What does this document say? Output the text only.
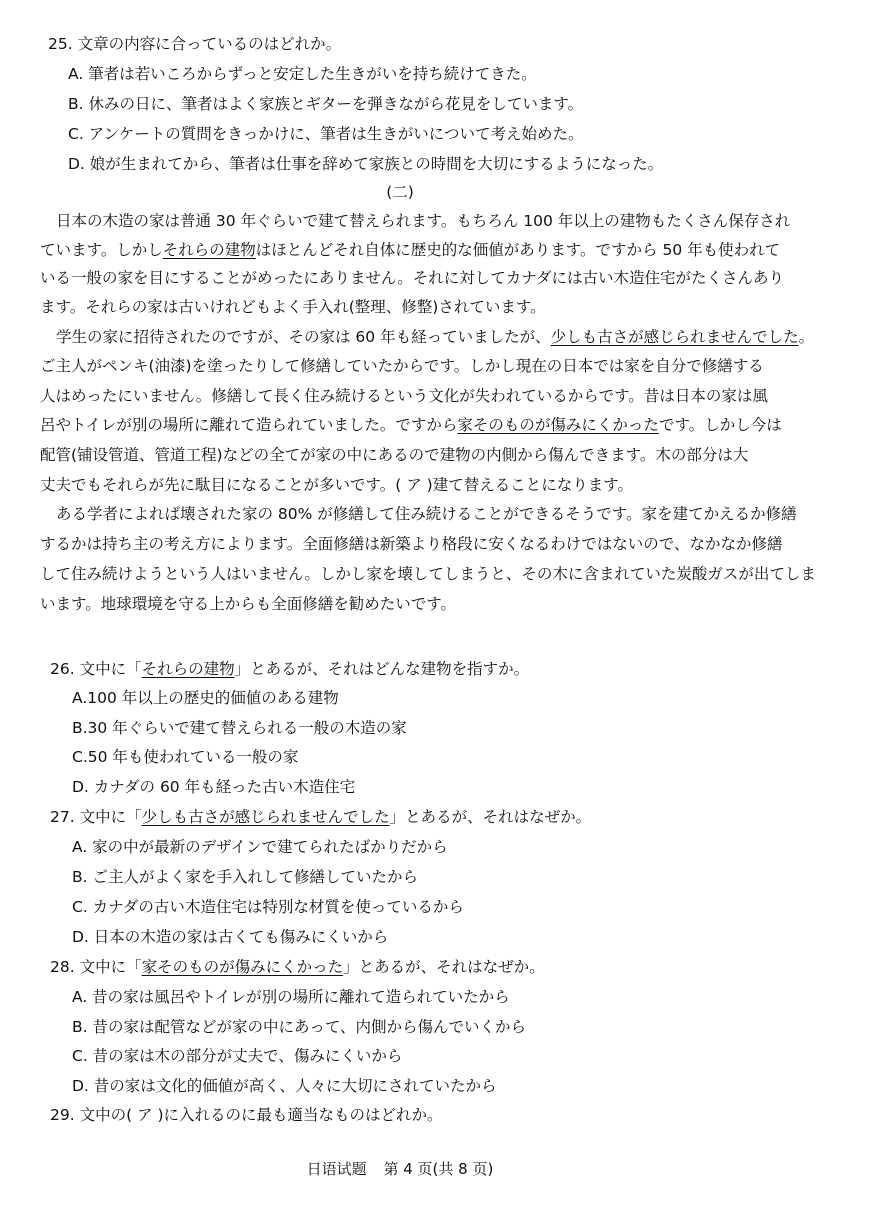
25. 文章の内容に合っているのはどれか。
A. 筆者は若いころからずっと安定した生きがいを持ち続けてきた。
B. 休みの日に、筆者はよく家族とギターを弾きながら花見をしています。
C. アンケートの質問をきっかけに、筆者は生きがいについて考え始めた。
D. 娘が生まれてから、筆者は仕事を辞めて家族との時間を大切にするようになった。
(二)
日本の木造の家は普通 30 年ぐらいで建て替えられます。もちろん 100 年以上の建物もたくさん保存され
ています。しかしそれらの建物はほとんどそれ自体に歴史的な価値があります。ですから 50 年も使われて
いる一般の家を目にすることがめったにありません。それに対してカナダには古い木造住宅がたくさんあり
ます。それらの家は古いけれどもよく手入れ(整理、修整)されています。
学生の家に招待されたのですが、その家は 60 年も経っていましたが、少しも古さが感じられませんでした。
ご主人がペンキ(油漆)を塗ったりして修繕していたからです。しかし現在の日本では家を自分で修繕する
人はめったにいません。修繕して長く住み続けるという文化が失われているからです。昔は日本の家は風
呂やトイレが別の場所に離れて造られていました。ですから家そのものが傷みにくかったです。しかし今は
配管(铺设管道、管道工程)などの全てが家の中にあるので建物の内側から傷んできます。木の部分は大
丈夫でもそれらが先に駄目になることが多いです。( ア )建て替えることになります。
ある学者によれば壊された家の 80% が修繕して住み続けることができるそうです。家を建てかえるか修繕
するかは持ち主の考え方によります。全面修繕は新築より格段に安くなるわけではないので、なかなか修繕
して住み続けようという人はいません。しかし家を壊してしまうと、その木に含まれていた炭酸ガスが出てしま
います。地球環境を守る上からも全面修繕を勧めたいです。
26. 文中に「それらの建物」とあるが、それはどんな建物を指すか。
A.100 年以上の歴史的価値のある建物
B.30 年ぐらいで建て替えられる一般の木造の家
C.50 年も使われている一般の家
D. カナダの 60 年も経った古い木造住宅
27. 文中に「少しも古さが感じられませんでした」とあるが、それはなぜか。
A. 家の中が最新のデザインで建てられたばかりだから
B. ご主人がよく家を手入れして修繕していたから
C. カナダの古い木造住宅は特別な材質を使っているから
D. 日本の木造の家は古くても傷みにくいから
28. 文中に「家そのものが傷みにくかった」とあるが、それはなぜか。
A. 昔の家は風呂やトイレが別の場所に離れて造られていたから
B. 昔の家は配管などが家の中にあって、内側から傷んでいくから
C. 昔の家は木の部分が丈夫で、傷みにくいから
D. 昔の家は文化的価値が高く、人々に大切にされていたから
29. 文中の( ア )に入れるのに最も適当なものはどれか。
日语试题 第 4 页(共 8 页)
